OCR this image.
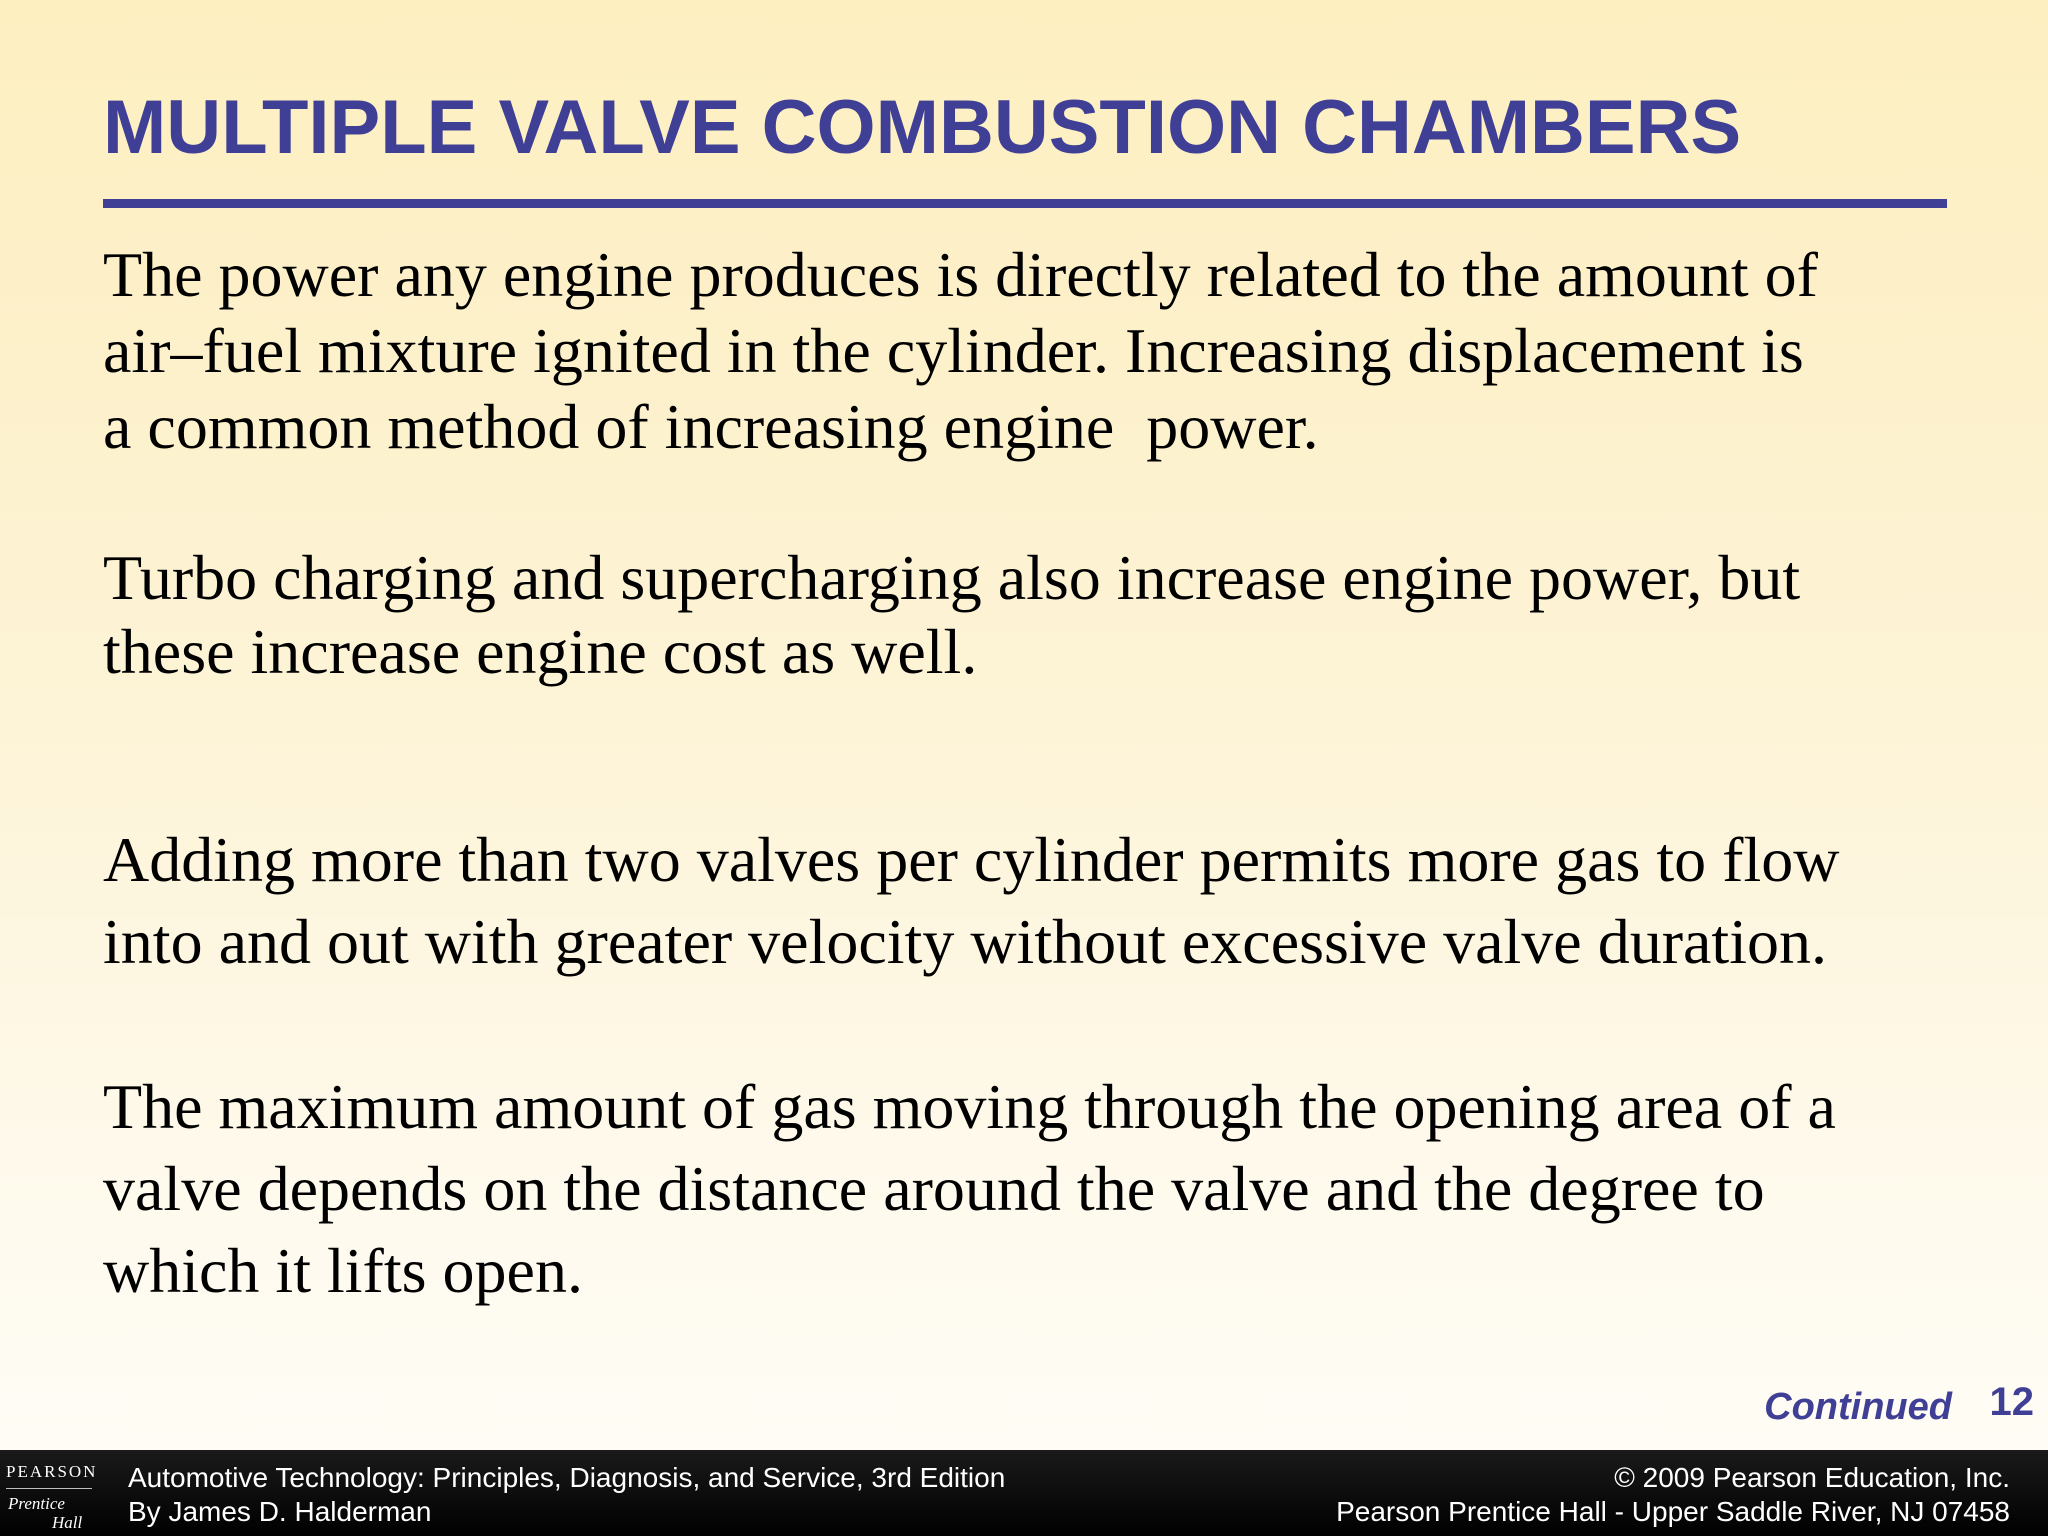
MULTIPLE VALVE COMBUSTION CHAMBERS

The power any engine produces is directly related to the amount of
air–fuel mixture ignited in the cylinder. Increasing displacement is
a common method of increasing engine  power.

Turbo charging and supercharging also increase engine power, but
these increase engine cost as well.

Adding more than two valves per cylinder permits more gas to flow
into and out with greater velocity without excessive valve duration.

The maximum amount of gas moving through the opening area of a
valve depends on the distance around the valve and the degree to
which it lifts open.

Continued 12
PEARSON
Prentice
Hall
Automotive Technology: Principles, Diagnosis, and Service, 3rd Edition
By James D. Halderman
© 2009 Pearson Education, Inc.
Pearson Prentice Hall - Upper Saddle River, NJ 07458
